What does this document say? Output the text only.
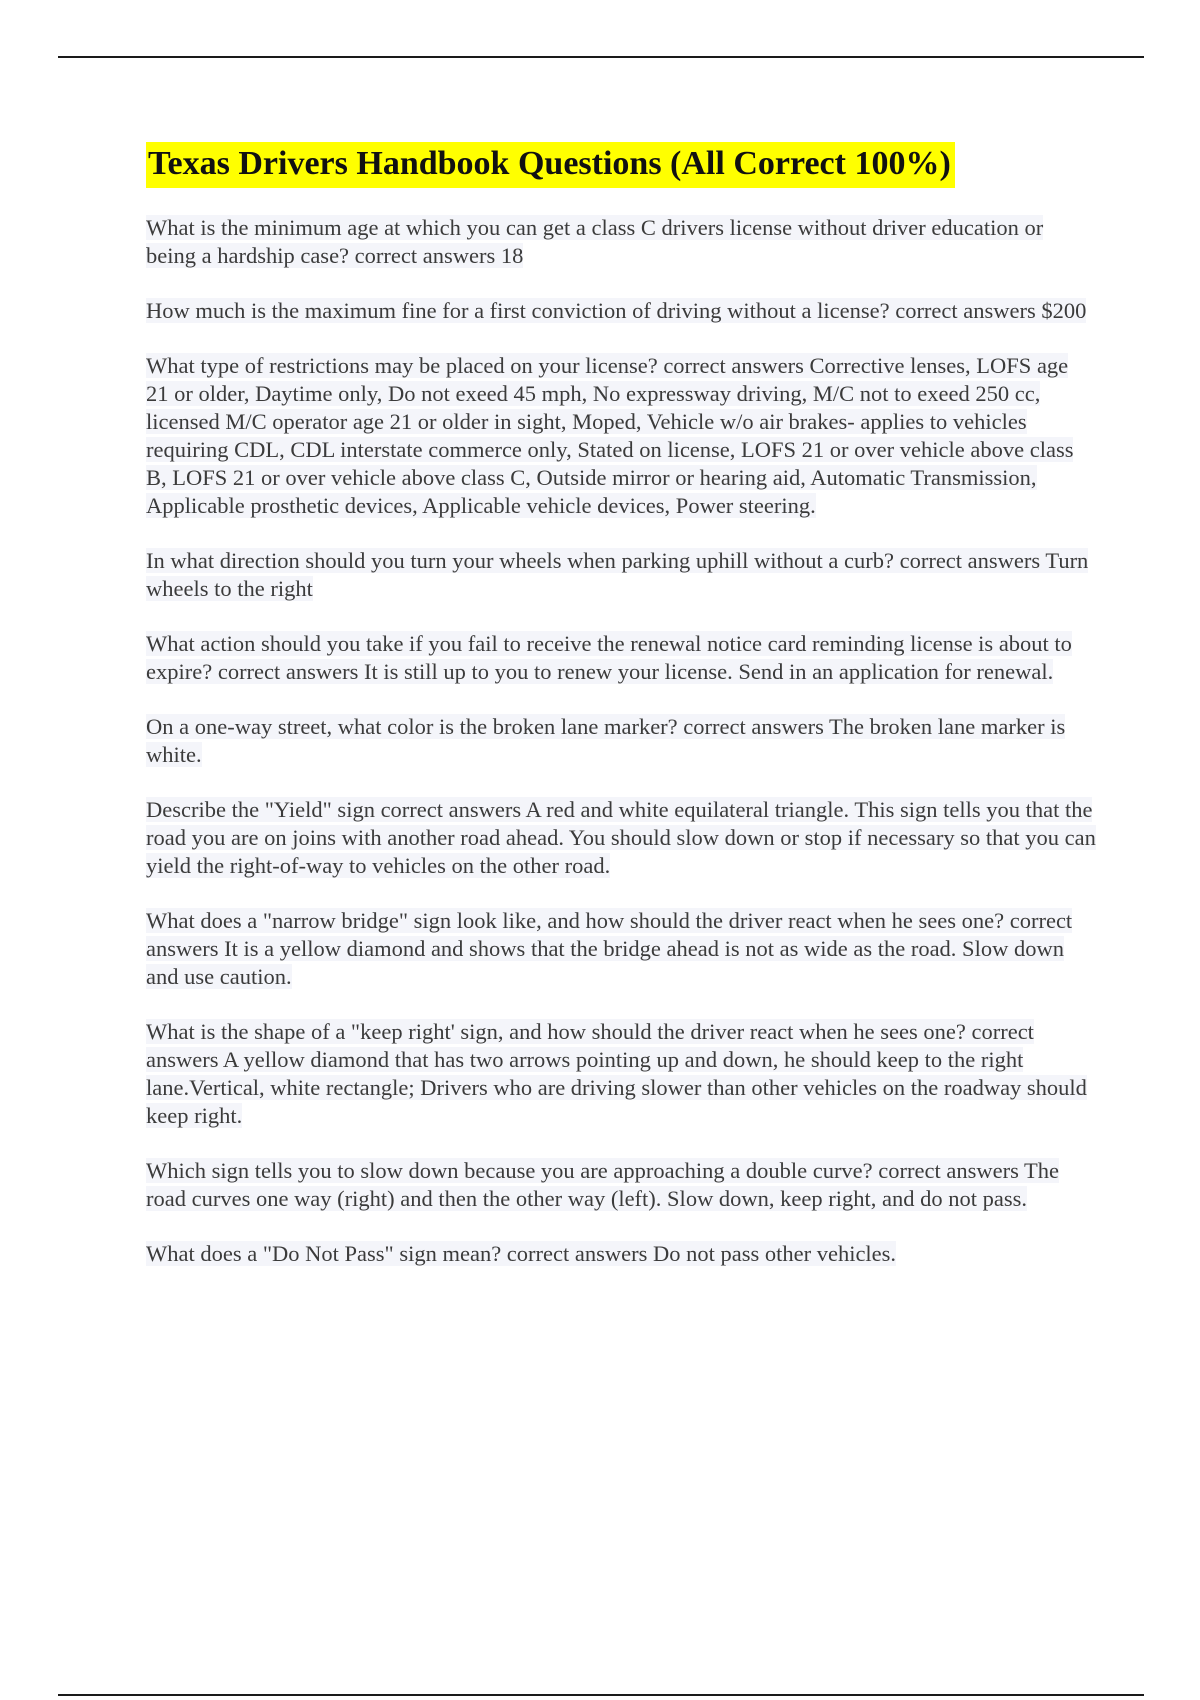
Texas Drivers Handbook Questions (All Correct 100%)
What is the minimum age at which you can get a class C drivers license without driver education or being a hardship case? correct answers 18
How much is the maximum fine for a first conviction of driving without a license? correct answers $200
What type of restrictions may be placed on your license? correct answers Corrective lenses, LOFS age 21 or older, Daytime only, Do not exeed 45 mph, No expressway driving, M/C not to exeed 250 cc, licensed M/C operator age 21 or older in sight, Moped, Vehicle w/o air brakes- applies to vehicles requiring CDL, CDL interstate commerce only, Stated on license, LOFS 21 or over vehicle above class B, LOFS 21 or over vehicle above class C, Outside mirror or hearing aid, Automatic Transmission, Applicable prosthetic devices, Applicable vehicle devices, Power steering.
In what direction should you turn your wheels when parking uphill without a curb? correct answers Turn wheels to the right
What action should you take if you fail to receive the renewal notice card reminding license is about to expire? correct answers It is still up to you to renew your license. Send in an application for renewal.
On a one-way street, what color is the broken lane marker? correct answers The broken lane marker is white.
Describe the "Yield" sign correct answers A red and white equilateral triangle. This sign tells you that the road you are on joins with another road ahead. You should slow down or stop if necessary so that you can yield the right-of-way to vehicles on the other road.
What does a "narrow bridge" sign look like, and how should the driver react when he sees one? correct answers It is a yellow diamond and shows that the bridge ahead is not as wide as the road. Slow down and use caution.
What is the shape of a "keep right' sign, and how should the driver react when he sees one? correct answers A yellow diamond that has two arrows pointing up and down, he should keep to the right lane.Vertical, white rectangle; Drivers who are driving slower than other vehicles on the roadway should keep right.
Which sign tells you to slow down because you are approaching a double curve? correct answers The road curves one way (right) and then the other way (left). Slow down, keep right, and do not pass.
What does a "Do Not Pass" sign mean? correct answers Do not pass other vehicles.
